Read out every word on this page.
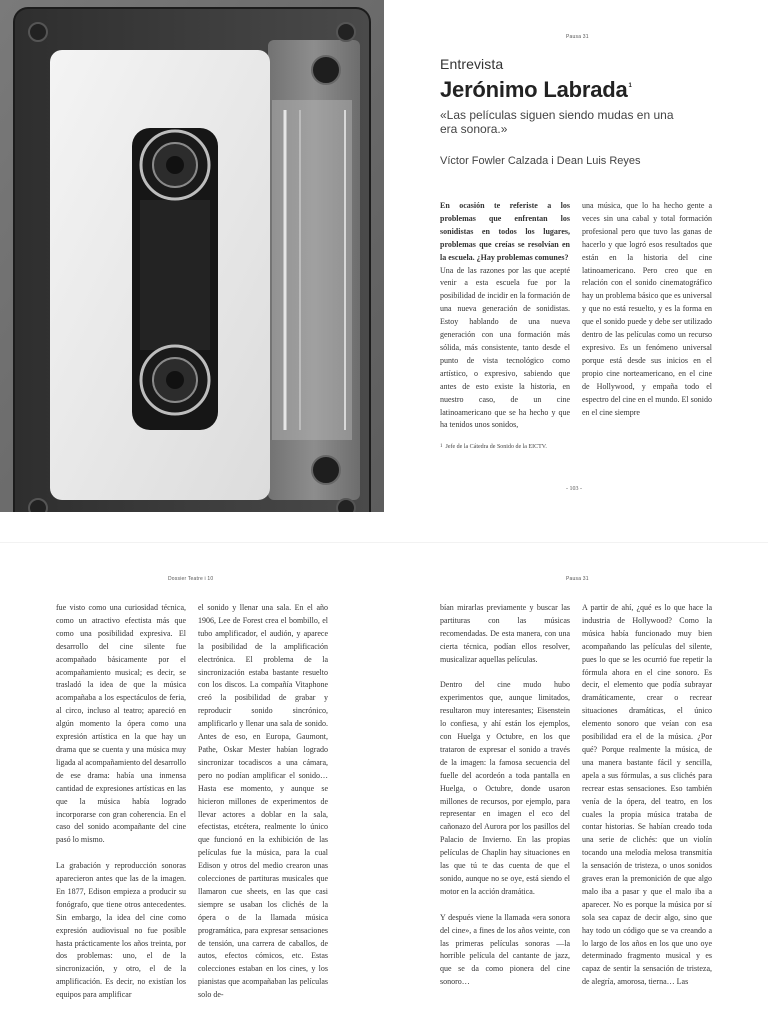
Pausa 31
Entrevista
Jerónimo Labrada$^1$
«Las películas siguen siendo mudas en una era sonora.»
Víctor Fowler Calzada i Dean Luis Reyes

En ocasión te referiste a los problemas que enfrentan los sonidistas en todos los lugares, problemas que creías se resolvían en la escuela. ¿Hay problemas comunes?
Una de las razones por las que acepté venir a esta escuela fue por la posibilidad de incidir en la formación de una nueva generación de sonidistas. Estoy hablando de una nueva generación con una formación más sólida, más consistente, tanto desde el punto de vista tecnológico como artístico, o expresivo, sabiendo que antes de esto existe la historia, en nuestro caso, de un cine latinoamericano que se ha hecho y que ha tenidos unos sonidos,

una música, que lo ha hecho gente a veces sin una cabal y total formación profesional pero que tuvo las ganas de hacerlo y que logró esos resultados que están en la historia del cine latinoamericano. Pero creo que en relación con el sonido cinematográfico hay un problema básico que es universal y que no está resuelto, y es la forma en que el sonido puede y debe ser utilizado dentro de las películas como un recurso expresivo. Es un fenómeno universal porque está desde sus inicios en el propio cine norteamericano, en el cine de Hollywood, y empaña todo el espectro del cine en el mundo. El sonido en el cine siempre

$^1$ Jefe de la Cátedra de Sonido de la EICTV.
- 103 -
Dossier Teatre i 10	Pausa 31

fue visto como una curiosidad técnica, como un atractivo efectista más que como una posibilidad expresiva. El desarrollo del cine silente fue acompañado básicamente por el acompañamiento musical; es decir, se trasladó la idea de que la música acompañaba a los espectáculos de feria, al circo, incluso al teatro; apareció en algún momento la ópera como una expresión artística en la que hay un drama que se cuenta y una música muy ligada al acompañamiento del desarrollo de ese drama: había una inmensa cantidad de expresiones artísticas en las que la música había logrado incorporarse con gran coherencia. En el caso del sonido acompañante del cine pasó lo mismo.

La grabación y reproducción sonoras aparecieron antes que las de la imagen. En 1877, Edison empieza a producir su fonógrafo, que tiene otros antecedentes. Sin embargo, la idea del cine como expresión audiovisual no fue posible hasta prácticamente los años treinta, por dos problemas: uno, el de la sincronización, y otro, el de la amplificación. Es decir, no existían los equipos para amplificar

el sonido y llenar una sala. En el año 1906, Lee de Forest crea el bombillo, el tubo amplificador, el audión, y aparece la posibilidad de la amplificación electrónica. El problema de la sincronización estaba bastante resuelto con los discos. La compañía Vitaphone creó la posibilidad de grabar y reproducir sonido sincrónico, amplificarlo y llenar una sala de sonido. Antes de eso, en Europa, Gaumont, Pathe, Oskar Mester habían logrado sincronizar tocadiscos a una cámara, pero no podían amplificar el sonido… Hasta ese momento, y aunque se hicieron millones de experimentos de llevar actores a doblar en la sala, efectistas, etcétera, realmente lo único que funcionó en la exhibición de las películas fue la música, para la cual Edison y otros del medio crearon unas colecciones de partituras musicales que llamaron cue sheets, en las que casi siempre se usaban los clichés de la ópera o de la llamada música programática, para expresar sensaciones de tensión, una carrera de caballos, de autos, efectos cómicos, etc. Estas colecciones estaban en los cines, y los pianistas que acompañaban las películas solo de-

bían mirarlas previamente y buscar las partituras con las músicas recomendadas. De esta manera, con una cierta técnica, podían ellos resolver, musicalizar aquellas películas.

Dentro del cine mudo hubo experimentos que, aunque limitados, resultaron muy interesantes; Eisenstein lo confiesa, y ahí están los ejemplos, con Huelga y Octubre, en los que trataron de expresar el sonido a través de la imagen: la famosa secuencia del fuelle del acordeón a toda pantalla en Huelga, o Octubre, donde usaron millones de recursos, por ejemplo, para representar en imagen el eco del cañonazo del Aurora por los pasillos del Palacio de Invierno. En las propias películas de Chaplin hay situaciones en las que tú te das cuenta de que el sonido, aunque no se oye, está siendo el motor en la acción dramática.

Y después viene la llamada «era sonora del cine», a fines de los años veinte, con las primeras películas sonoras —la horrible película del cantante de jazz, que se da como pionera del cine sonoro…

A partir de ahí, ¿qué es lo que hace la industria de Hollywood? Como la música había funcionado muy bien acompañando las películas del silente, pues lo que se les ocurrió fue repetir la fórmula ahora en el cine sonoro. Es decir, el elemento que podía subrayar dramáticamente, crear o recrear situaciones dramáticas, el único elemento sonoro que veían con esa posibilidad era el de la música. ¿Por qué? Porque realmente la música, de una manera bastante fácil y sencilla, apela a sus fórmulas, a sus clichés para recrear estas sensaciones. Eso también venía de la ópera, del teatro, en los cuales la propia música trataba de contar historias. Se habían creado toda una serie de clichés: que un violín tocando una melodía melosa transmitía la sensación de tristeza, o unos sonidos graves eran la premonición de que algo malo iba a pasar y que el malo iba a aparecer. No es porque la música por sí sola sea capaz de decir algo, sino que hay todo un código que se va creando a lo largo de los años en los que uno oye determinado fragmento musical y es capaz de sentir la sensación de tristeza, de alegría, amorosa, tierna… Las
